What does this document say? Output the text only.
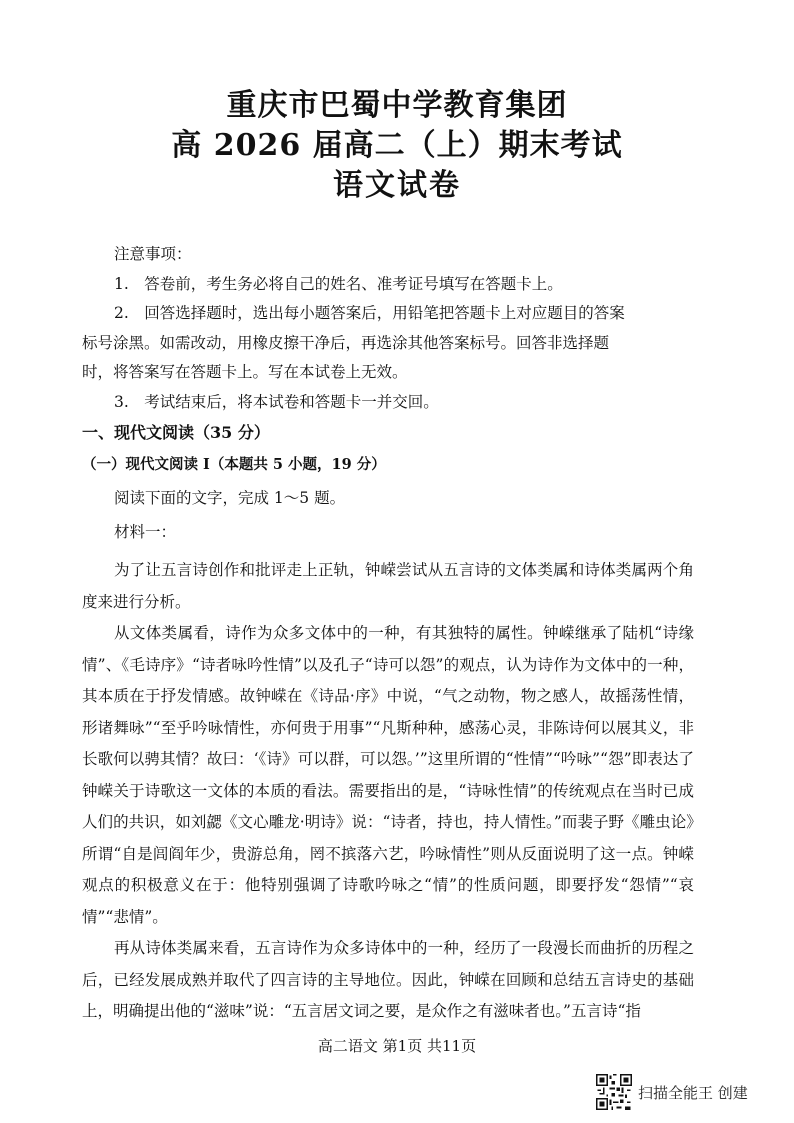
重庆市巴蜀中学教育集团
高 2026 届高二（上）期末考试
语文试卷
注意事项：
1.　答卷前，考生务必将自己的姓名、准考证号填写在答题卡上。
2.　回答选择题时，选出每小题答案后，用铅笔把答题卡上对应题目的答案
标号涂黑。如需改动，用橡皮擦干净后，再选涂其他答案标号。回答非选择题
时，将答案写在答题卡上。写在本试卷上无效。
3.　考试结束后，将本试卷和答题卡一并交回。
一、现代文阅读（35 分）
（一）现代文阅读 I（本题共 5 小题，19 分）
阅读下面的文字，完成 1～5 题。
材料一：

为了让五言诗创作和批评走上正轨，钟嵘尝试从五言诗的文体类属和诗体类属两个角度来进行分析。

从文体类属看，诗作为众多文体中的一种，有其独特的属性。钟嵘继承了陆机“诗缘情”、《毛诗序》“诗者咏吟性情”以及孔子“诗可以怨”的观点，认为诗作为文体中的一种，其本质在于抒发情感。故钟嵘在《诗品·序》中说，“气之动物，物之感人，故摇荡性情，形诸舞咏”“至乎吟咏情性，亦何贵于用事”“凡斯种种，感荡心灵，非陈诗何以展其义，非长歌何以骋其情？故曰：‘《诗》可以群，可以怨。’”这里所谓的“性情”“吟咏”“怨”即表达了钟嵘关于诗歌这一文体的本质的看法。需要指出的是，“诗咏性情”的传统观点在当时已成人们的共识，如刘勰《文心雕龙·明诗》说：“诗者，持也，持人情性。”而裴子野《雕虫论》所谓“自是闾阎年少，贵游总角，罔不摈落六艺，吟咏情性”则从反面说明了这一点。钟嵘观点的积极意义在于：他特别强调了诗歌吟咏之“情”的性质问题，即要抒发“怨情”“哀情”“悲情”。

再从诗体类属来看，五言诗作为众多诗体中的一种，经历了一段漫长而曲折的历程之后，已经发展成熟并取代了四言诗的主导地位。因此，钟嵘在回顾和总结五言诗史的基础上，明确提出他的“滋味”说：“五言居文词之要，是众作之有滋味者也。”五言诗“指

高二语文 第1页 共11页
扫描全能王 创建
